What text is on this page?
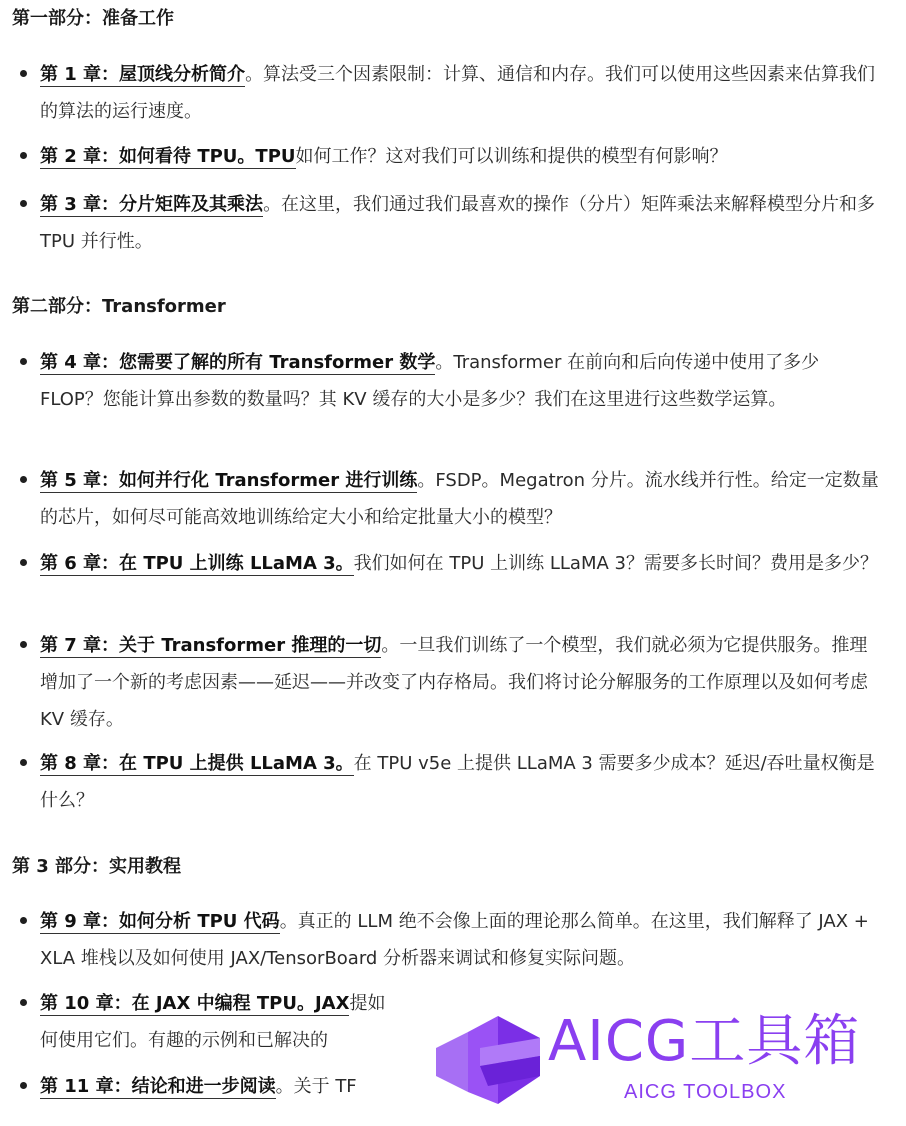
第一部分：准备工作
第 1 章：屋顶线分析简介。算法受三个因素限制：计算、通信和内存。我们可以使用这些因素来估算我们的算法的运行速度。
第 2 章：如何看待 TPU。TPU如何工作？这对我们可以训练和提供的模型有何影响？
第 3 章：分片矩阵及其乘法。在这里，我们通过我们最喜欢的操作（分片）矩阵乘法来解释模型分片和多 TPU 并行性。
第二部分：Transformer
第 4 章：您需要了解的所有 Transformer 数学。Transformer 在前向和后向传递中使用了多少 FLOP？您能计算出参数的数量吗？其 KV 缓存的大小是多少？我们在这里进行这些数学运算。
第 5 章：如何并行化 Transformer 进行训练。FSDP。Megatron 分片。流水线并行性。给定一定数量的芯片，如何尽可能高效地训练给定大小和给定批量大小的模型？
第 6 章：在 TPU 上训练 LLaMA 3。我们如何在 TPU 上训练 LLaMA 3？需要多长时间？费用是多少？
第 7 章：关于 Transformer 推理的一切。一旦我们训练了一个模型，我们就必须为它提供服务。推理增加了一个新的考虑因素——延迟——并改变了内存格局。我们将讨论分解服务的工作原理以及如何考虑 KV 缓存。
第 8 章：在 TPU 上提供 LLaMA 3。在 TPU v5e 上提供 LLaMA 3 需要多少成本？延迟/吞吐量权衡是什么？
第 3 部分：实用教程
第 9 章：如何分析 TPU 代码。真正的 LLM 绝不会像上面的理论那么简单。在这里，我们解释了 JAX + XLA 堆栈以及如何使用 JAX/TensorBoard 分析器来调试和修复实际问题。
第 10 章：在 JAX 中编程 TPU。JAX提如何使用它们。有趣的示例和已解决的
第 11 章：结论和进一步阅读。关于 TF
AICG工具箱
AICG TOOLBOX
